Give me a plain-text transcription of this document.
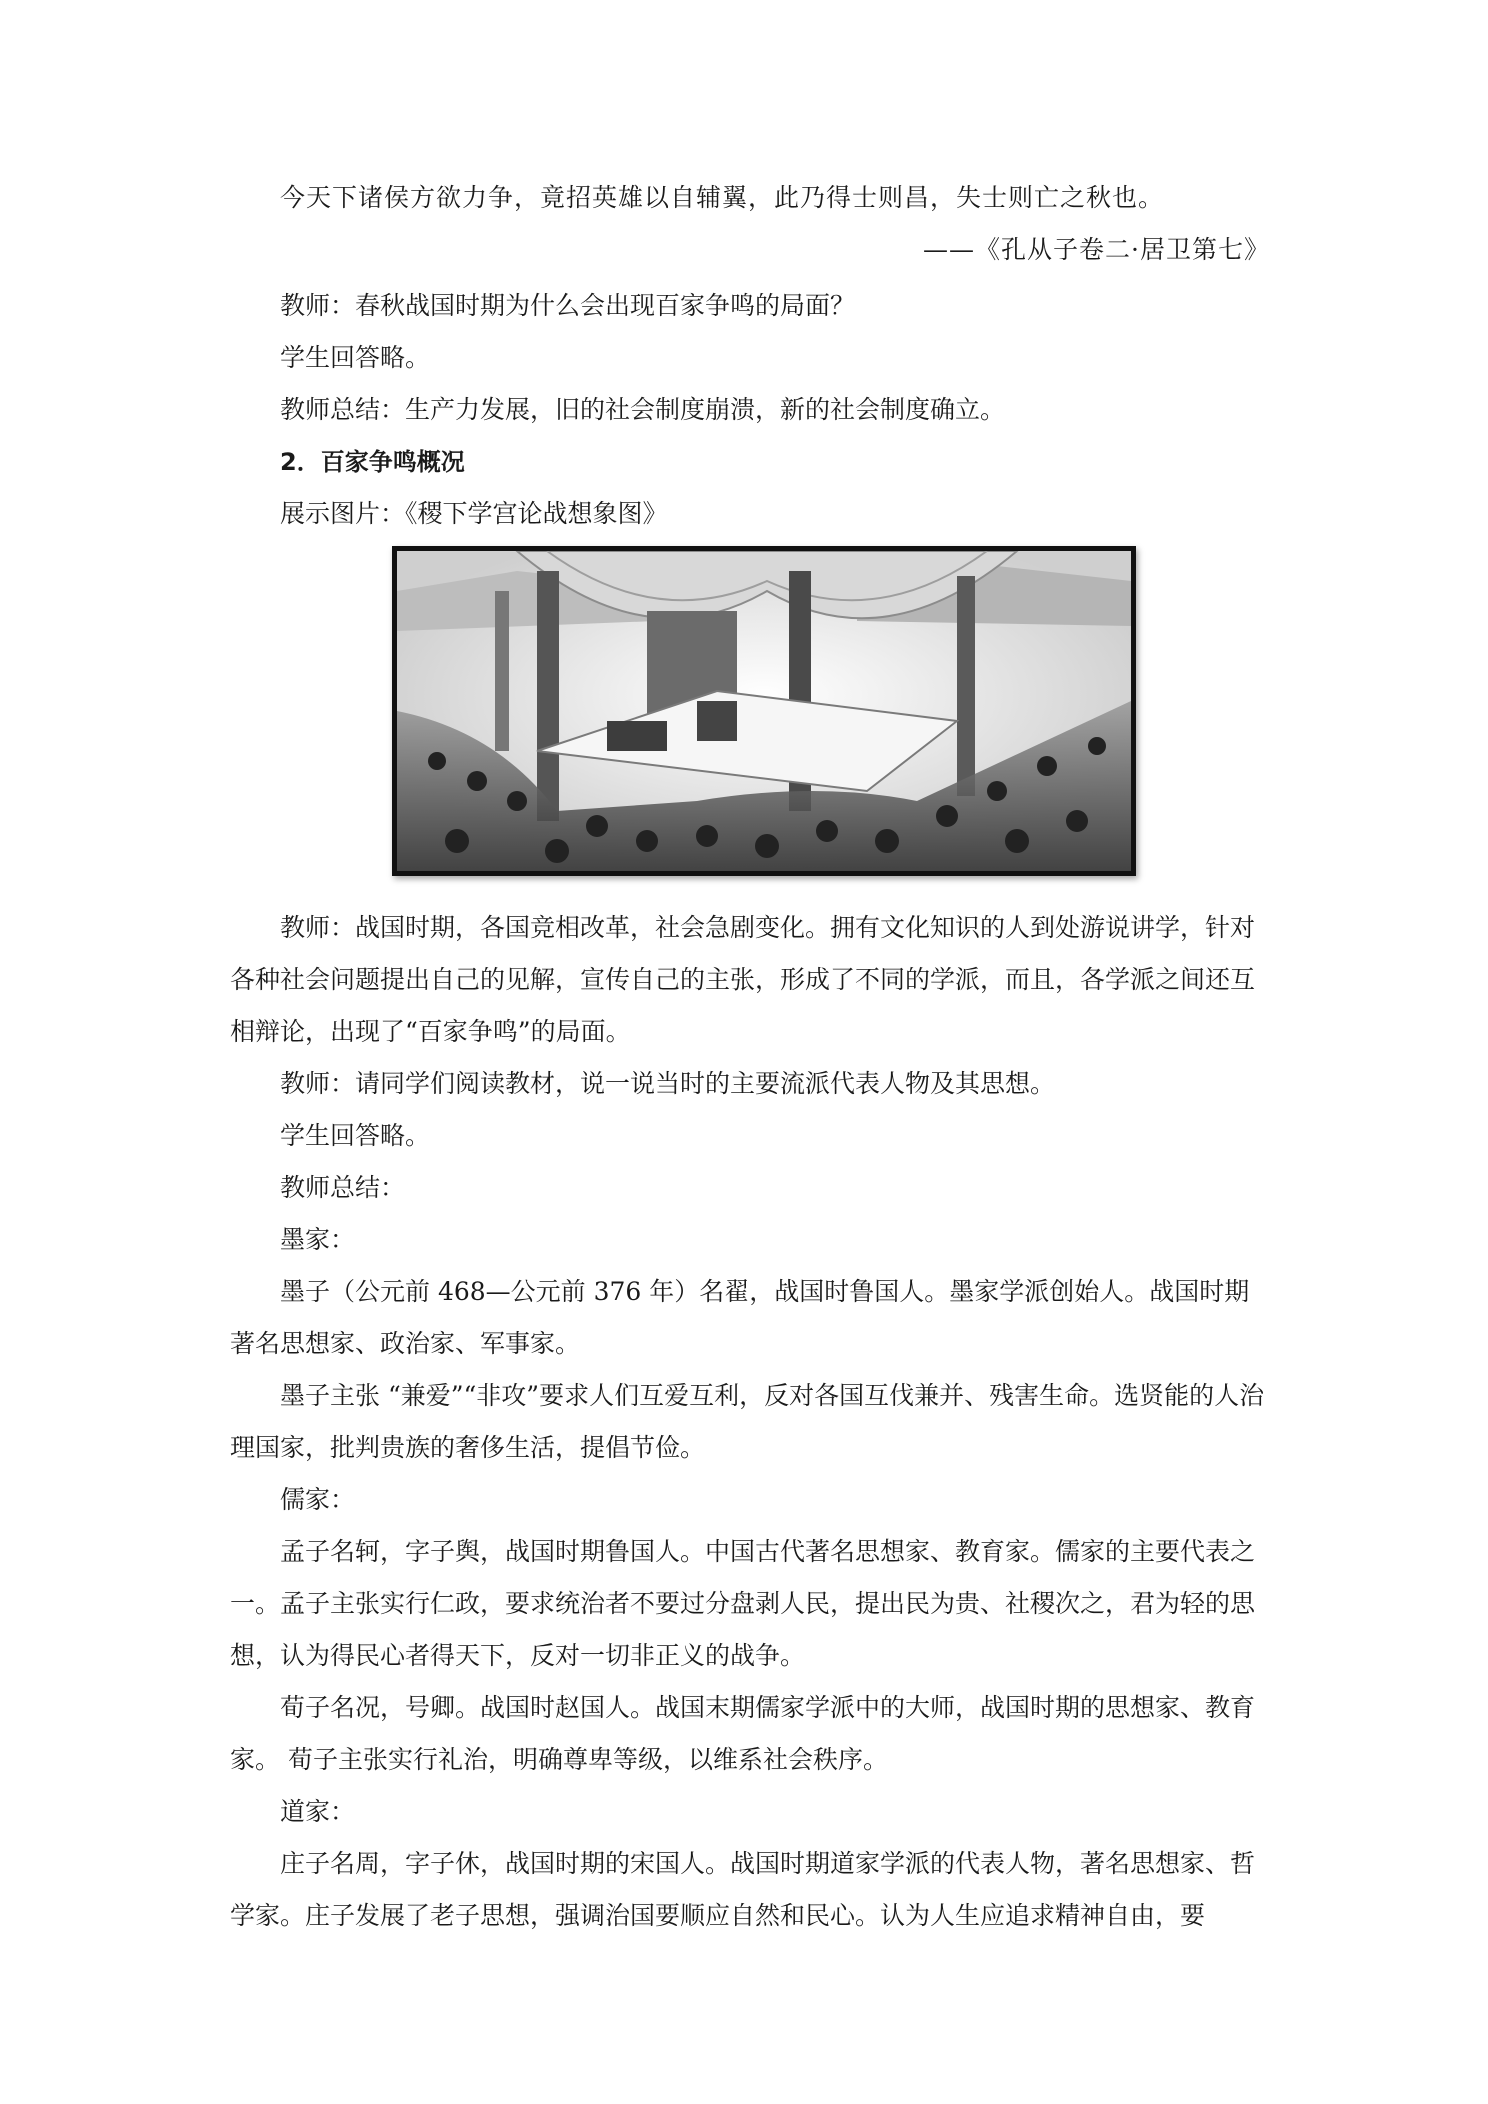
今天下诸侯方欲力争，竟招英雄以自辅翼，此乃得士则昌，失士则亡之秋也。

——《孔从子卷二·居卫第七》

教师：春秋战国时期为什么会出现百家争鸣的局面？

学生回答略。

教师总结：生产力发展，旧的社会制度崩溃，新的社会制度确立。

2．百家争鸣概况

展示图片：《稷下学宫论战想象图》

教师：战国时期，各国竞相改革，社会急剧变化。拥有文化知识的人到处游说讲学，针对各种社会问题提出自己的见解，宣传自己的主张，形成了不同的学派，而且，各学派之间还互相辩论，出现了“百家争鸣”的局面。

教师：请同学们阅读教材，说一说当时的主要流派代表人物及其思想。

学生回答略。

教师总结：

墨家：

墨子（公元前 468—公元前 376 年）名翟，战国时鲁国人。墨家学派创始人。战国时期著名思想家、政治家、军事家。

墨子主张 “兼爱”“非攻”要求人们互爱互利，反对各国互伐兼并、残害生命。选贤能的人治理国家，批判贵族的奢侈生活，提倡节俭。

儒家：

孟子名轲，字子舆，战国时期鲁国人。中国古代著名思想家、教育家。儒家的主要代表之一。孟子主张实行仁政，要求统治者不要过分盘剥人民，提出民为贵、社稷次之，君为轻的思想，认为得民心者得天下，反对一切非正义的战争。

荀子名况，号卿。战国时赵国人。战国末期儒家学派中的大师，战国时期的思想家、教育家。 荀子主张实行礼治，明确尊卑等级，以维系社会秩序。

道家：

庄子名周，字子休，战国时期的宋国人。战国时期道家学派的代表人物，著名思想家、哲学家。庄子发展了老子思想，强调治国要顺应自然和民心。认为人生应追求精神自由，要
